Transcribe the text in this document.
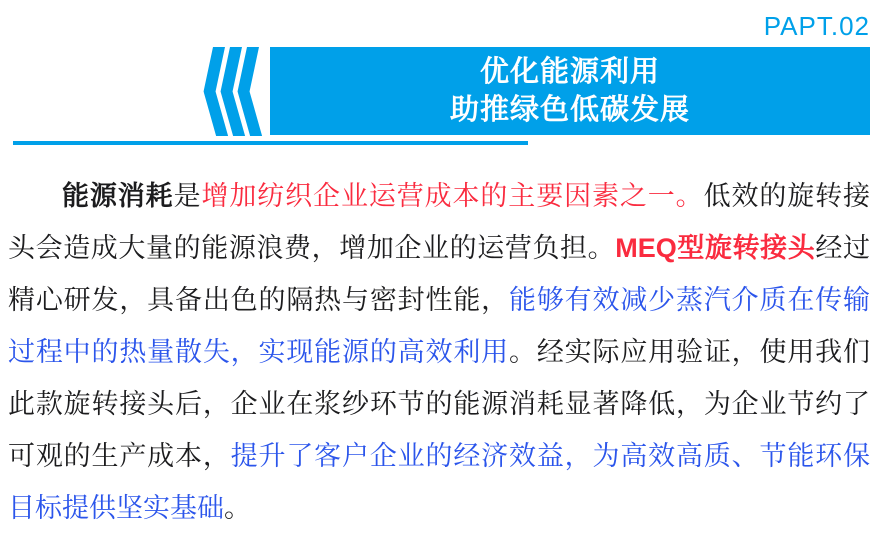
PAPT.02
优化能源利用
助推绿色低碳发展
能源消耗是增加纺织企业运营成本的主要因素之一。低效的旋转接
头会造成大量的能源浪费，增加企业的运营负担。MEQ型旋转接头经过
精心研发，具备出色的隔热与密封性能，能够有效减少蒸汽介质在传输
过程中的热量散失，实现能源的高效利用。经实际应用验证，使用我们
此款旋转接头后，企业在浆纱环节的能源消耗显著降低，为企业节约了
可观的生产成本，提升了客户企业的经济效益，为高效高质、节能环保
目标提供坚实基础。
